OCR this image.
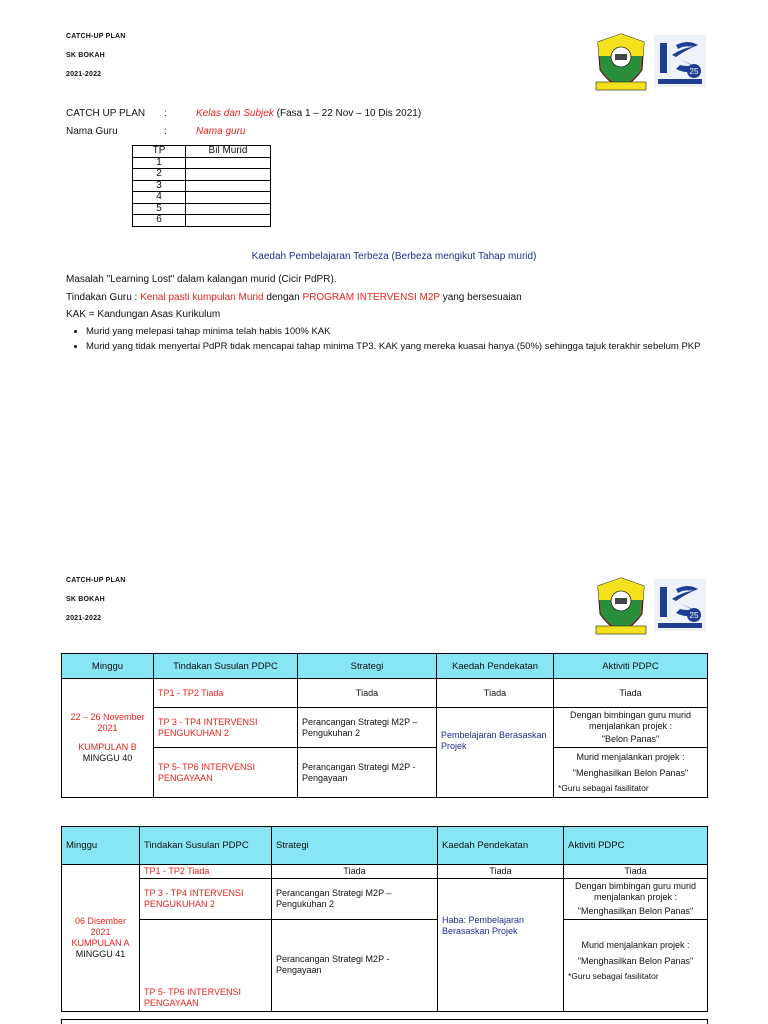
CATCH-UP PLAN
SK BOKAH
2021-2022	25
CATCH UP PLAN :	Kelas dan Subjek (Fasa 1 – 22 Nov – 10 Dis 2021)
Nama Guru	:	Nama guru
TP	Bil Murid
1	
2	
3	
4	
5	
6	
Kaedah Pembelajaran Terbeza (Berbeza mengikut Tahap murid)
Masalah "Learning Lost" dalam kalangan murid (Cicir PdPR).
Tindakan Guru : Kenal pasti kumpulan Murid dengan PROGRAM INTERVENSI M2P yang bersesuaian
KAK = Kandungan Asas Kurikulum
• Murid yang melepasi tahap minima telah habis 100% KAK
• Murid yang tidak menyertai PdPR tidak mencapai tahap minima TP3. KAK yang mereka kuasai hanya (50%) sehingga tajuk terakhir sebelum PKP
CATCH-UP PLAN
SK BOKAH
2021-2022	25
Minggu	Tindakan Susulan PDPC	Strategi	Kaedah Pendekatan	Aktiviti PDPC

22 – 26 November 2021
KUMPULAN B
MINGGU 40	TP1 - TP2 Tiada	Tiada	Tiada	Tiada
	TP 3 - TP4 INTERVENSI PENGUKUHAN 2	Perancangan Strategi M2P – Pengukuhan 2	Pembelajaran Berasaskan Projek	Dengan bimbingan guru murid menjalankan projek :
"Belon Panas"

	TP 5- TP6 INTERVENSI PENGAYAAN	Perancangan Strategi M2P - Pengayaan		Murid menjalankan projek :
"Menghasilkan Belon Panas"
*Guru sebagai fasilitator
Minggu	Tindakan Susulan PDPC	Strategi	Kaedah Pendekatan	Aktiviti PDPC

06 Disember 2021
KUMPULAN A
MINGGU 41	TP1 - TP2 Tiada	Tiada	Tiada	Tiada
	TP 3 - TP4 INTERVENSI PENGUKUHAN 2	Perancangan Strategi M2P – Pengukuhan 2	Haba: Pembelajaran Berasaskan Projek	Dengan bimbingan guru murid menjalankan projek :
"Menghasilkan Belon Panas"

	TP 5- TP6 INTERVENSI PENGAYAAN	Perancangan Strategi M2P - Pengayaan		Murid menjalankan projek :
"Menghasilkan Belon Panas"
*Guru sebagai fasilitator
